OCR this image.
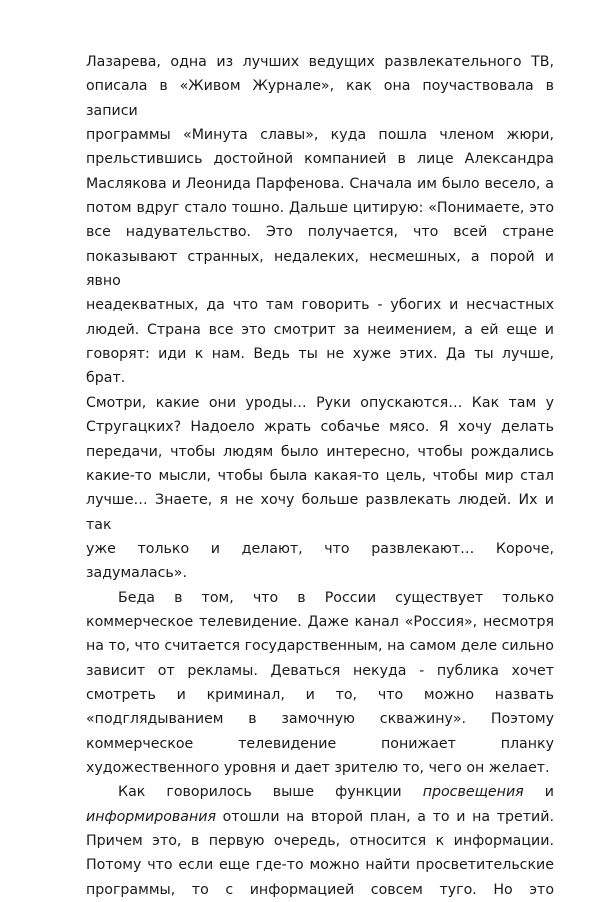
Лазарева, одна из лучших ведущих развлекательного ТВ,
описала в «Живом Журнале», как она поучаствовала в записи
программы «Минута славы», куда пошла членом жюри,
прельстившись достойной компанией в лице Александра
Маслякова и Леонида Парфенова. Сначала им было весело, а
потом вдруг стало тошно. Дальше цитирую: «Понимаете, это
все надувательство. Это получается, что всей стране
показывают странных, недалеких, несмешных, а порой и явно
неадекватных, да что там говорить - убогих и несчастных
людей. Страна все это смотрит за неимением, а ей еще и
говорят: иди к нам. Ведь ты не хуже этих. Да ты лучше, брат.
Смотри, какие они уроды… Руки опускаются… Как там у
Стругацких? Надоело жрать собачье мясо. Я хочу делать
передачи, чтобы людям было интересно, чтобы рождались
какие-то мысли, чтобы была какая-то цель, чтобы мир стал
лучше… Знаете, я не хочу больше развлекать людей. Их и так
уже только и делают, что развлекают… Короче, задумалась».
Беда в том, что в России существует только
коммерческое телевидение. Даже канал «Россия», несмотря
на то, что считается государственным, на самом деле сильно
зависит от рекламы. Деваться некуда - публика хочет
смотреть и криминал, и то, что можно назвать
«подглядыванием в замочную скважину». Поэтому
коммерческое телевидение понижает планку
художественного уровня и дает зрителю то, чего он желает.
Как говорилось выше функции просвещения и
информирования отошли на второй план, а то и на третий.
Причем это, в первую очередь, относится к информации.
Потому что если еще где-то можно найти просветительские
программы, то с информацией совсем туго. Но это
